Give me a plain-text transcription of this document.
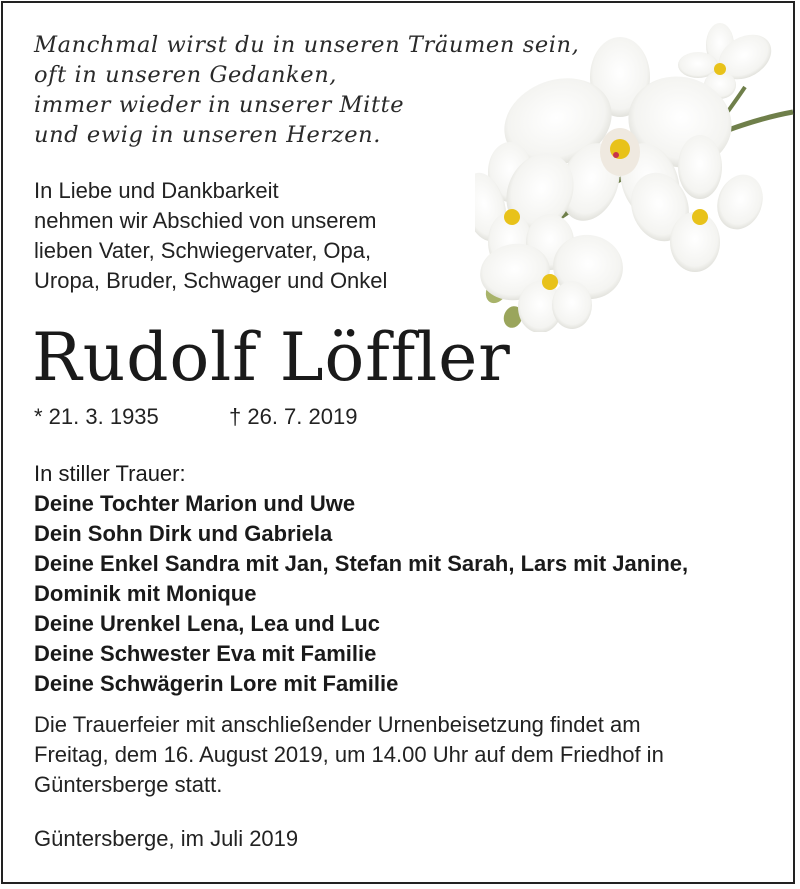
Manchmal wirst du in unseren Träumen sein,
oft in unseren Gedanken,
immer wieder in unserer Mitte
und ewig in unseren Herzen.
In Liebe und Dankbarkeit
nehmen wir Abschied von unserem
lieben Vater, Schwiegervater, Opa,
Uropa, Bruder, Schwager und Onkel
Rudolf Löffler
* 21. 3. 1935	† 26. 7. 2019
In stiller Trauer:
Deine Tochter Marion und Uwe
Dein Sohn Dirk und Gabriela
Deine Enkel Sandra mit Jan, Stefan mit Sarah, Lars mit Janine,
Dominik mit Monique
Deine Urenkel Lena, Lea und Luc
Deine Schwester Eva mit Familie
Deine Schwägerin Lore mit Familie
Die Trauerfeier mit anschließender Urnenbeisetzung findet am
Freitag, dem 16. August 2019, um 14.00 Uhr auf dem Friedhof in
Güntersberge statt.
Güntersberge, im Juli 2019
